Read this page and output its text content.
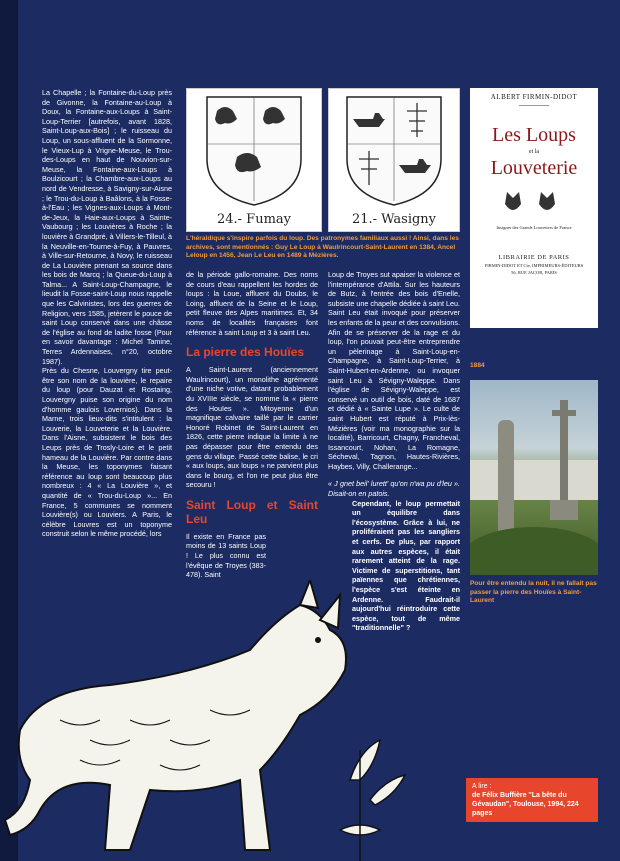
La Chapelle ; la Fontaine-du-Loup près de Givonne, la Fontaine-au-Loup à Doux, la Fontaine-aux-Loups à Saint-Loup-Terrier [autrefois, avant 1828, Saint-Loup-aux-Bois] ; le ruisseau du Loup, un sous-affluent de la Sormonne, le Vieux-Lup à Vrigne-Meuse, le Trou-des-Loups en haut de Nouvion-sur-Meuse, la Fontaine-aux-Loups à Boulzicourt ; la Chambre-aux-Loups au nord de Vendresse, à Savigny-sur-Aisne ; le Trou-du-Loup à Baâlons, à la Fosse-à-l'Eau ; les Vignes-aux-Loups à Mont-de-Jeux, la Haie-aux-Loups à Sainte-Vaubourg ; les Louvières à Roche ; la louvière à Grandpré, à Villers-le-Tilleul, à la Neuville-en-Tourne-à-Fuy, à Pauvres, à Ville-sur-Retourne, à Novy, le ruisseau de La Louvière prenant sa source dans les bois de Marcq ; la Queue-du-Loup à Talma... A Saint-Loup-Champagne, le lieudit la Fosse-saint-Loup nous rappelle que les Calvinistes, lors des guerres de Religion, vers 1585, jetèrent le pouce de saint Loup conservé dans une châsse de l'église au fond de ladite fosse (Pour en savoir davantage : Michel Tamine, Terres Ardennaises, n°20, octobre 1987).

Près du Chesne, Louvergny tire peut-être son nom de la louvière, le repaire du loup (pour Dauzat et Rostaing, Louvergny puise son origine du nom d'homme gaulois Lovernios). Dans la Marne, trois lieux-dits s'intitulent : la Louverie, la Louveterie et la Louvière. Dans l'Aisne, subsistent le bois des Leups près de Trosly-Loire et le petit hameau de la Louvière. Par contre dans la Meuse, les toponymes faisant référence au loup sont beaucoup plus nombreux : 4 « La Louvière », et quantité de « Trou-du-Loup »... En France, 5 communes se nomment Louvière(s) ou Louviers. A Paris, le célèbre Louvres est un toponyme construit selon le même procédé, lors

24.- Fumay	21.- Wasigny
L'héraldique s'inspire parfois du loup. Des patronymes familiaux aussi ! Ainsi, dans les archives, sont mentionnés : Guy Le Loup à Waulrincourt-Saint-Laurent en 1384, Ancel Leloup en 1456, Jean Le Leu en 1489 à Mézières.
ALBERT FIRMIN-DIDOT
Les Loups
et la
Louveterie
Insignes des Grands Louvetiers de France
LIBRAIRIE DE PARIS
FIRMIN-DIDOT ET Cie, IMPRIMEURS-ÉDITEURS
56, RUE JACOB, PARIS
1884
Pour être entendu la nuit, il ne fallait pas passer la pierre des Houïes à Saint-Laurent

de la période gallo-romaine. Des noms de cours d'eau rappellent les hordes de loups : la Loue, affluent du Doubs, le Loing, affluent de la Seine et le Loup, petit fleuve des Alpes maritimes. Et, 34 noms de localités françaises font référence à saint Loup et 3 à saint Leu.

La pierre des Houïes

A Saint-Laurent (anciennement Waulrincourt), un monolithe agrémenté d'une niche votive, datant probablement du XVIIIe siècle, se nomme la « pierre des Houïes ». Mitoyenne d'un magnifique calvaire taillé par le carrier Honoré Robinet de Saint-Laurent en 1826, cette pierre indique la limite à ne pas dépasser pour être entendu des gens du village. Passé cette balise, le cri « aux loups, aux loups » ne parvient plus dans le bourg, et l'on ne peut plus être secouru !

Saint Loup et Saint Leu

Il existe en France pas moins de 13 saints Loup ! Le plus connu est l'évêque de Troyes (383-478). Saint

Loup de Troyes sut apaiser la violence et l'intempérance d'Attila. Sur les hauteurs de Butz, à l'entrée des bois d'Enelle, subsiste une chapelle dédiée à saint Leu. Saint Leu était invoqué pour préserver les enfants de la peur et des convulsions. Afin de se préserver de la rage et du loup, l'on pouvait peut-être entreprendre un pèlerinage à Saint-Loup-en-Champagne, à Saint-Loup-Terrier, à Saint-Hubert-en-Ardenne, ou invoquer saint Leu à Sévigny-Waleppe. Dans l'église de Sévigny-Waleppe, est conservé un outil de bois, daté de 1687 et dédié à « Sainte Lupe ». Le culte de saint Hubert est réputé à Prix-lès-Mézières (voir ma monographie sur la localité), Barricourt, Chagny, Francheval, Issancourt, Nohan, La Romagne, Sécheval, Tagnon, Hautes-Rivières, Haybes, Villy, Challerange...

« J gnet beil' lurett' qu'on n'wa pu d'leu ». Disait-on en patois.

Cependant, le loup permettait un équilibre dans l'écosystème. Grâce à lui, ne proliféraient pas les sangliers et cerfs. De plus, par rapport aux autres espèces, il était rarement atteint de la rage. Victime de superstitions, tant païennes que chrétiennes, l'espèce s'est éteinte en Ardenne. Faudrait-il aujourd'hui réintroduire cette espèce, tout de même "traditionnelle" ?

A lire :
de Félix Buffière "La bête du Gévaudan", Toulouse, 1994, 224 pages
